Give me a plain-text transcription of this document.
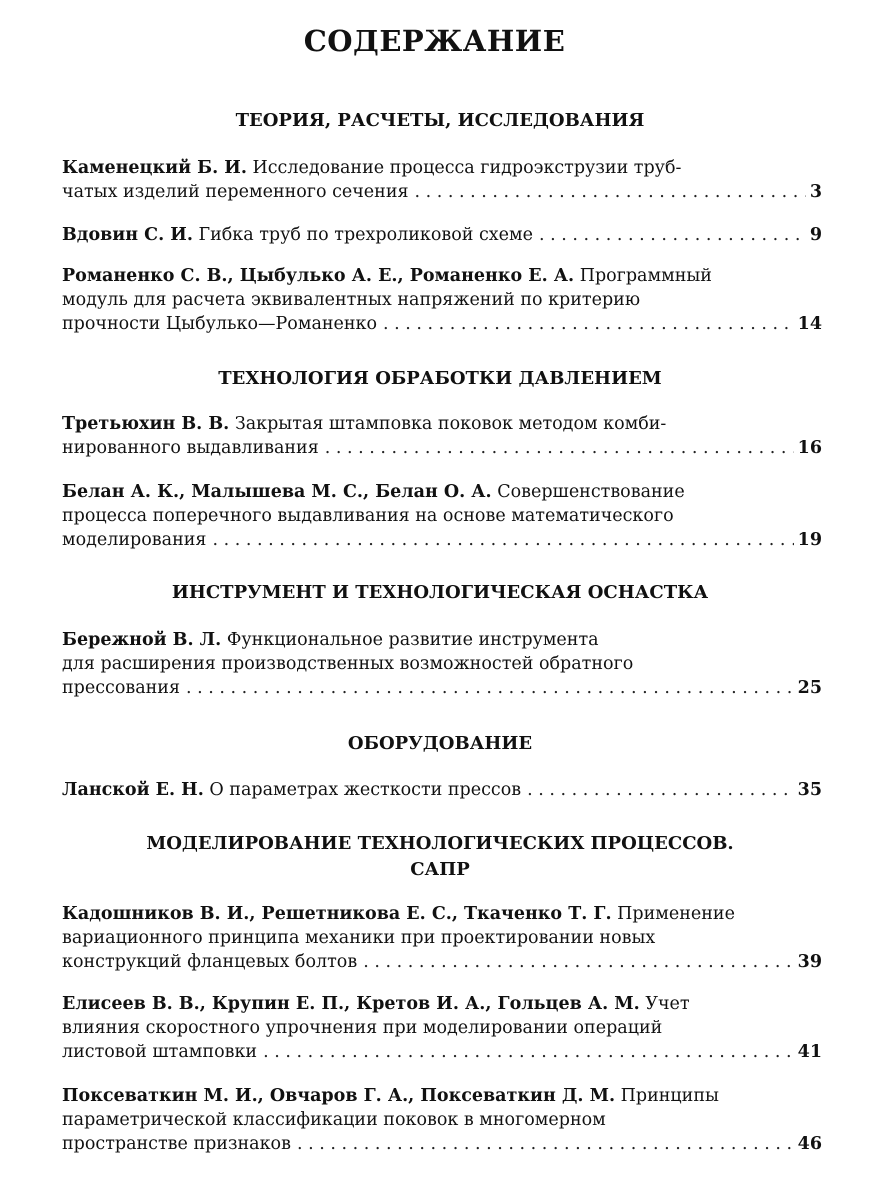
СОДЕРЖАНИЕ
ТЕОРИЯ, РАСЧЕТЫ, ИССЛЕДОВАНИЯ
Каменецкий Б. И. Исследование процесса гидроэкструзии труб-
чатых изделий переменного сечения . . .	3
Вдовин С. И. Гибка труб по трехроликовой схеме . . .	9
Романенко С. В., Цыбулько А. Е., Романенко Е. А. Программный
модуль для расчета эквивалентных напряжений по критерию
прочности Цыбулько—Романенко . . .	14
ТЕХНОЛОГИЯ ОБРАБОТКИ ДАВЛЕНИЕМ
Третьюхин В. В. Закрытая штамповка поковок методом комби-
нированного выдавливания . . .	16
Белан А. К., Малышева М. С., Белан О. А. Совершенствование
процесса поперечного выдавливания на основе математического
моделирования . . .	19
ИНСТРУМЕНТ И ТЕХНОЛОГИЧЕСКАЯ ОСНАСТКА
Бережной В. Л. Функциональное развитие инструмента
для расширения производственных возможностей обратного
прессования . . .	25
ОБОРУДОВАНИЕ
Ланской Е. Н. О параметрах жесткости прессов . . .	35
МОДЕЛИРОВАНИЕ ТЕХНОЛОГИЧЕСКИХ ПРОЦЕССОВ.
САПР
Кадошников В. И., Решетникова Е. С., Ткаченко Т. Г. Применение
вариационного принципа механики при проектировании новых
конструкций фланцевых болтов . . .	39
Елисеев В. В., Крупин Е. П., Кретов И. А., Гольцев А. М. Учет
влияния скоростного упрочнения при моделировании операций
листовой штамповки . . .	41
Поксеваткин М. И., Овчаров Г. А., Поксеваткин Д. М. Принципы
параметрической классификации поковок в многомерном
пространстве признаков . . .	46
